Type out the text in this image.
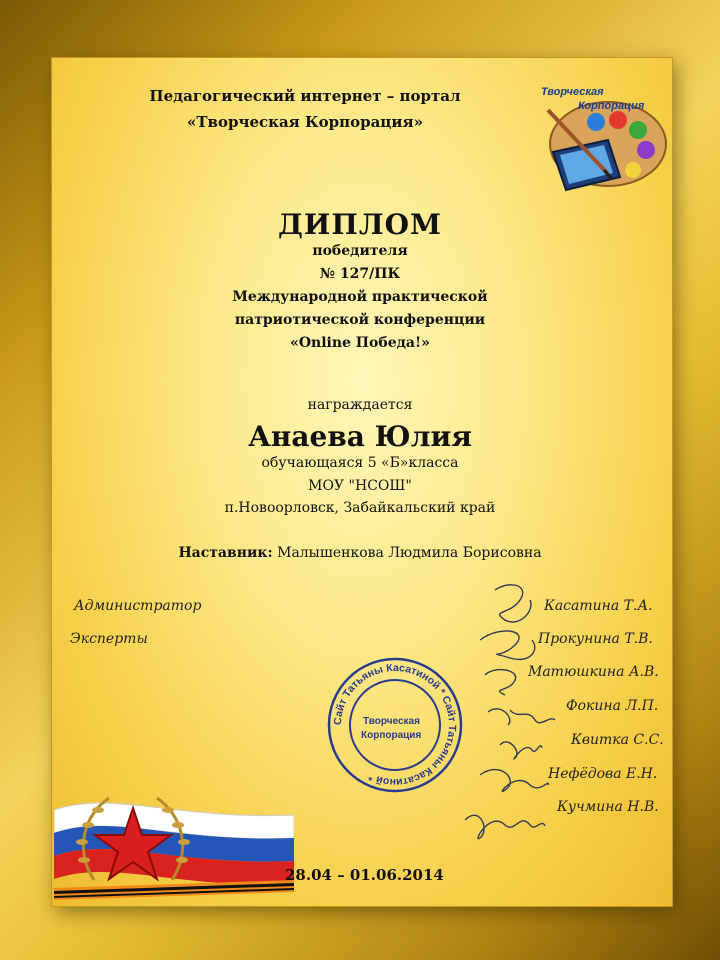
Педагогический интернет – портал
«Творческая Корпорация»
Творческая
Корпорация
ДИПЛОМ
победителя
№ 127/ПК
Международной практической
патриотической конференции
«Online Победа!»
награждается
Анаева Юлия
обучающаяся 5 «Б»класса
МОУ "НСОШ"
п.Новоорловск, Забайкальский край
Наставник: Малышенкова Людмила Борисовна
Администратор
Эксперты
Касатина Т.А.
Прокунина Т.В.
Матюшкина А.В.
Фокина Л.П.
Квитка С.С.
Нефёдова Е.Н.
Кучмина Н.В.
Сайт Татьяны Касатиной * Сайт Татьяны Касатиной *
Творческая
Корпорация
28.04 – 01.06.2014
